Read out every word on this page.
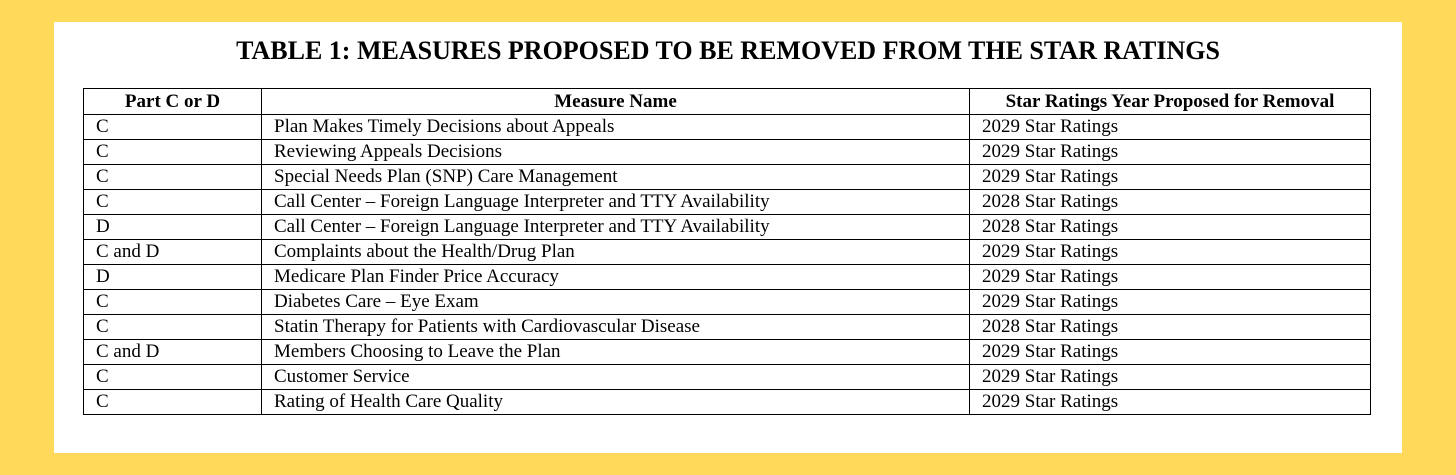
TABLE 1: MEASURES PROPOSED TO BE REMOVED FROM THE STAR RATINGS
Part C or D	Measure Name	Star Ratings Year Proposed for Removal
C	Plan Makes Timely Decisions about Appeals	2029 Star Ratings
C	Reviewing Appeals Decisions	2029 Star Ratings
C	Special Needs Plan (SNP) Care Management	2029 Star Ratings
C	Call Center – Foreign Language Interpreter and TTY Availability	2028 Star Ratings
D	Call Center – Foreign Language Interpreter and TTY Availability	2028 Star Ratings
C and D	Complaints about the Health/Drug Plan	2029 Star Ratings
D	Medicare Plan Finder Price Accuracy	2029 Star Ratings
C	Diabetes Care – Eye Exam	2029 Star Ratings
C	Statin Therapy for Patients with Cardiovascular Disease	2028 Star Ratings
C and D	Members Choosing to Leave the Plan	2029 Star Ratings
C	Customer Service	2029 Star Ratings
C	Rating of Health Care Quality	2029 Star Ratings
